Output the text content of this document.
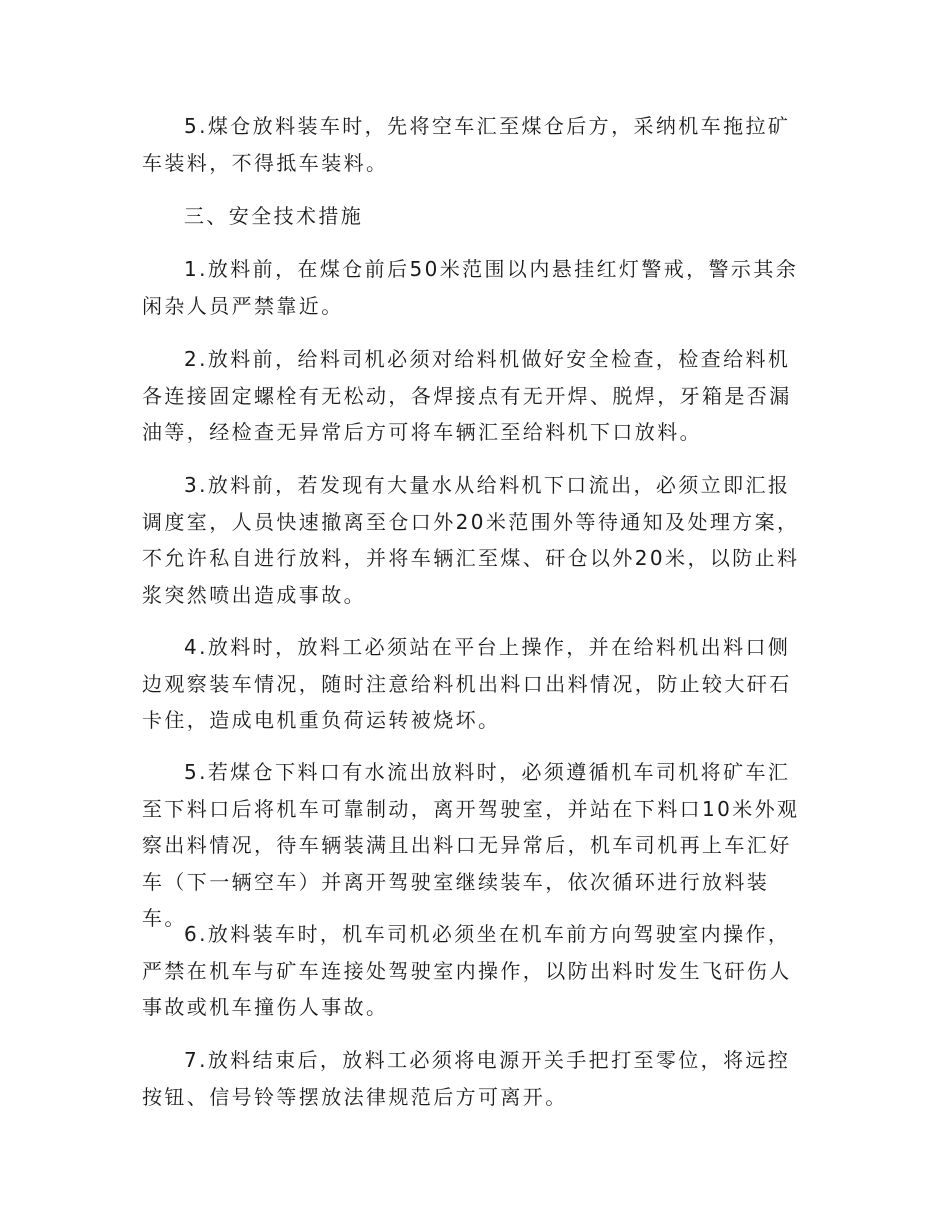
5.煤仓放料装车时，先将空车汇至煤仓后方，采纳机车拖拉矿车装料，不得抵车装料。

三、安全技术措施

1.放料前，在煤仓前后50米范围以内悬挂红灯警戒，警示其余闲杂人员严禁靠近。

2.放料前，给料司机必须对给料机做好安全检查，检查给料机各连接固定螺栓有无松动，各焊接点有无开焊、脱焊，牙箱是否漏油等，经检查无异常后方可将车辆汇至给料机下口放料。

3.放料前，若发现有大量水从给料机下口流出，必须立即汇报调度室，人员快速撤离至仓口外20米范围外等待通知及处理方案，不允许私自进行放料，并将车辆汇至煤、矸仓以外20米，以防止料浆突然喷出造成事故。

4.放料时，放料工必须站在平台上操作，并在给料机出料口侧边观察装车情况，随时注意给料机出料口出料情况，防止较大矸石卡住，造成电机重负荷运转被烧坏。

5.若煤仓下料口有水流出放料时，必须遵循机车司机将矿车汇至下料口后将机车可靠制动，离开驾驶室，并站在下料口10米外观察出料情况，待车辆装满且出料口无异常后，机车司机再上车汇好车（下一辆空车）并离开驾驶室继续装车，依次循环进行放料装车。

6.放料装车时，机车司机必须坐在机车前方向驾驶室内操作，严禁在机车与矿车连接处驾驶室内操作，以防出料时发生飞矸伤人事故或机车撞伤人事故。

7.放料结束后，放料工必须将电源开关手把打至零位，将远控按钮、信号铃等摆放法律规范后方可离开。
